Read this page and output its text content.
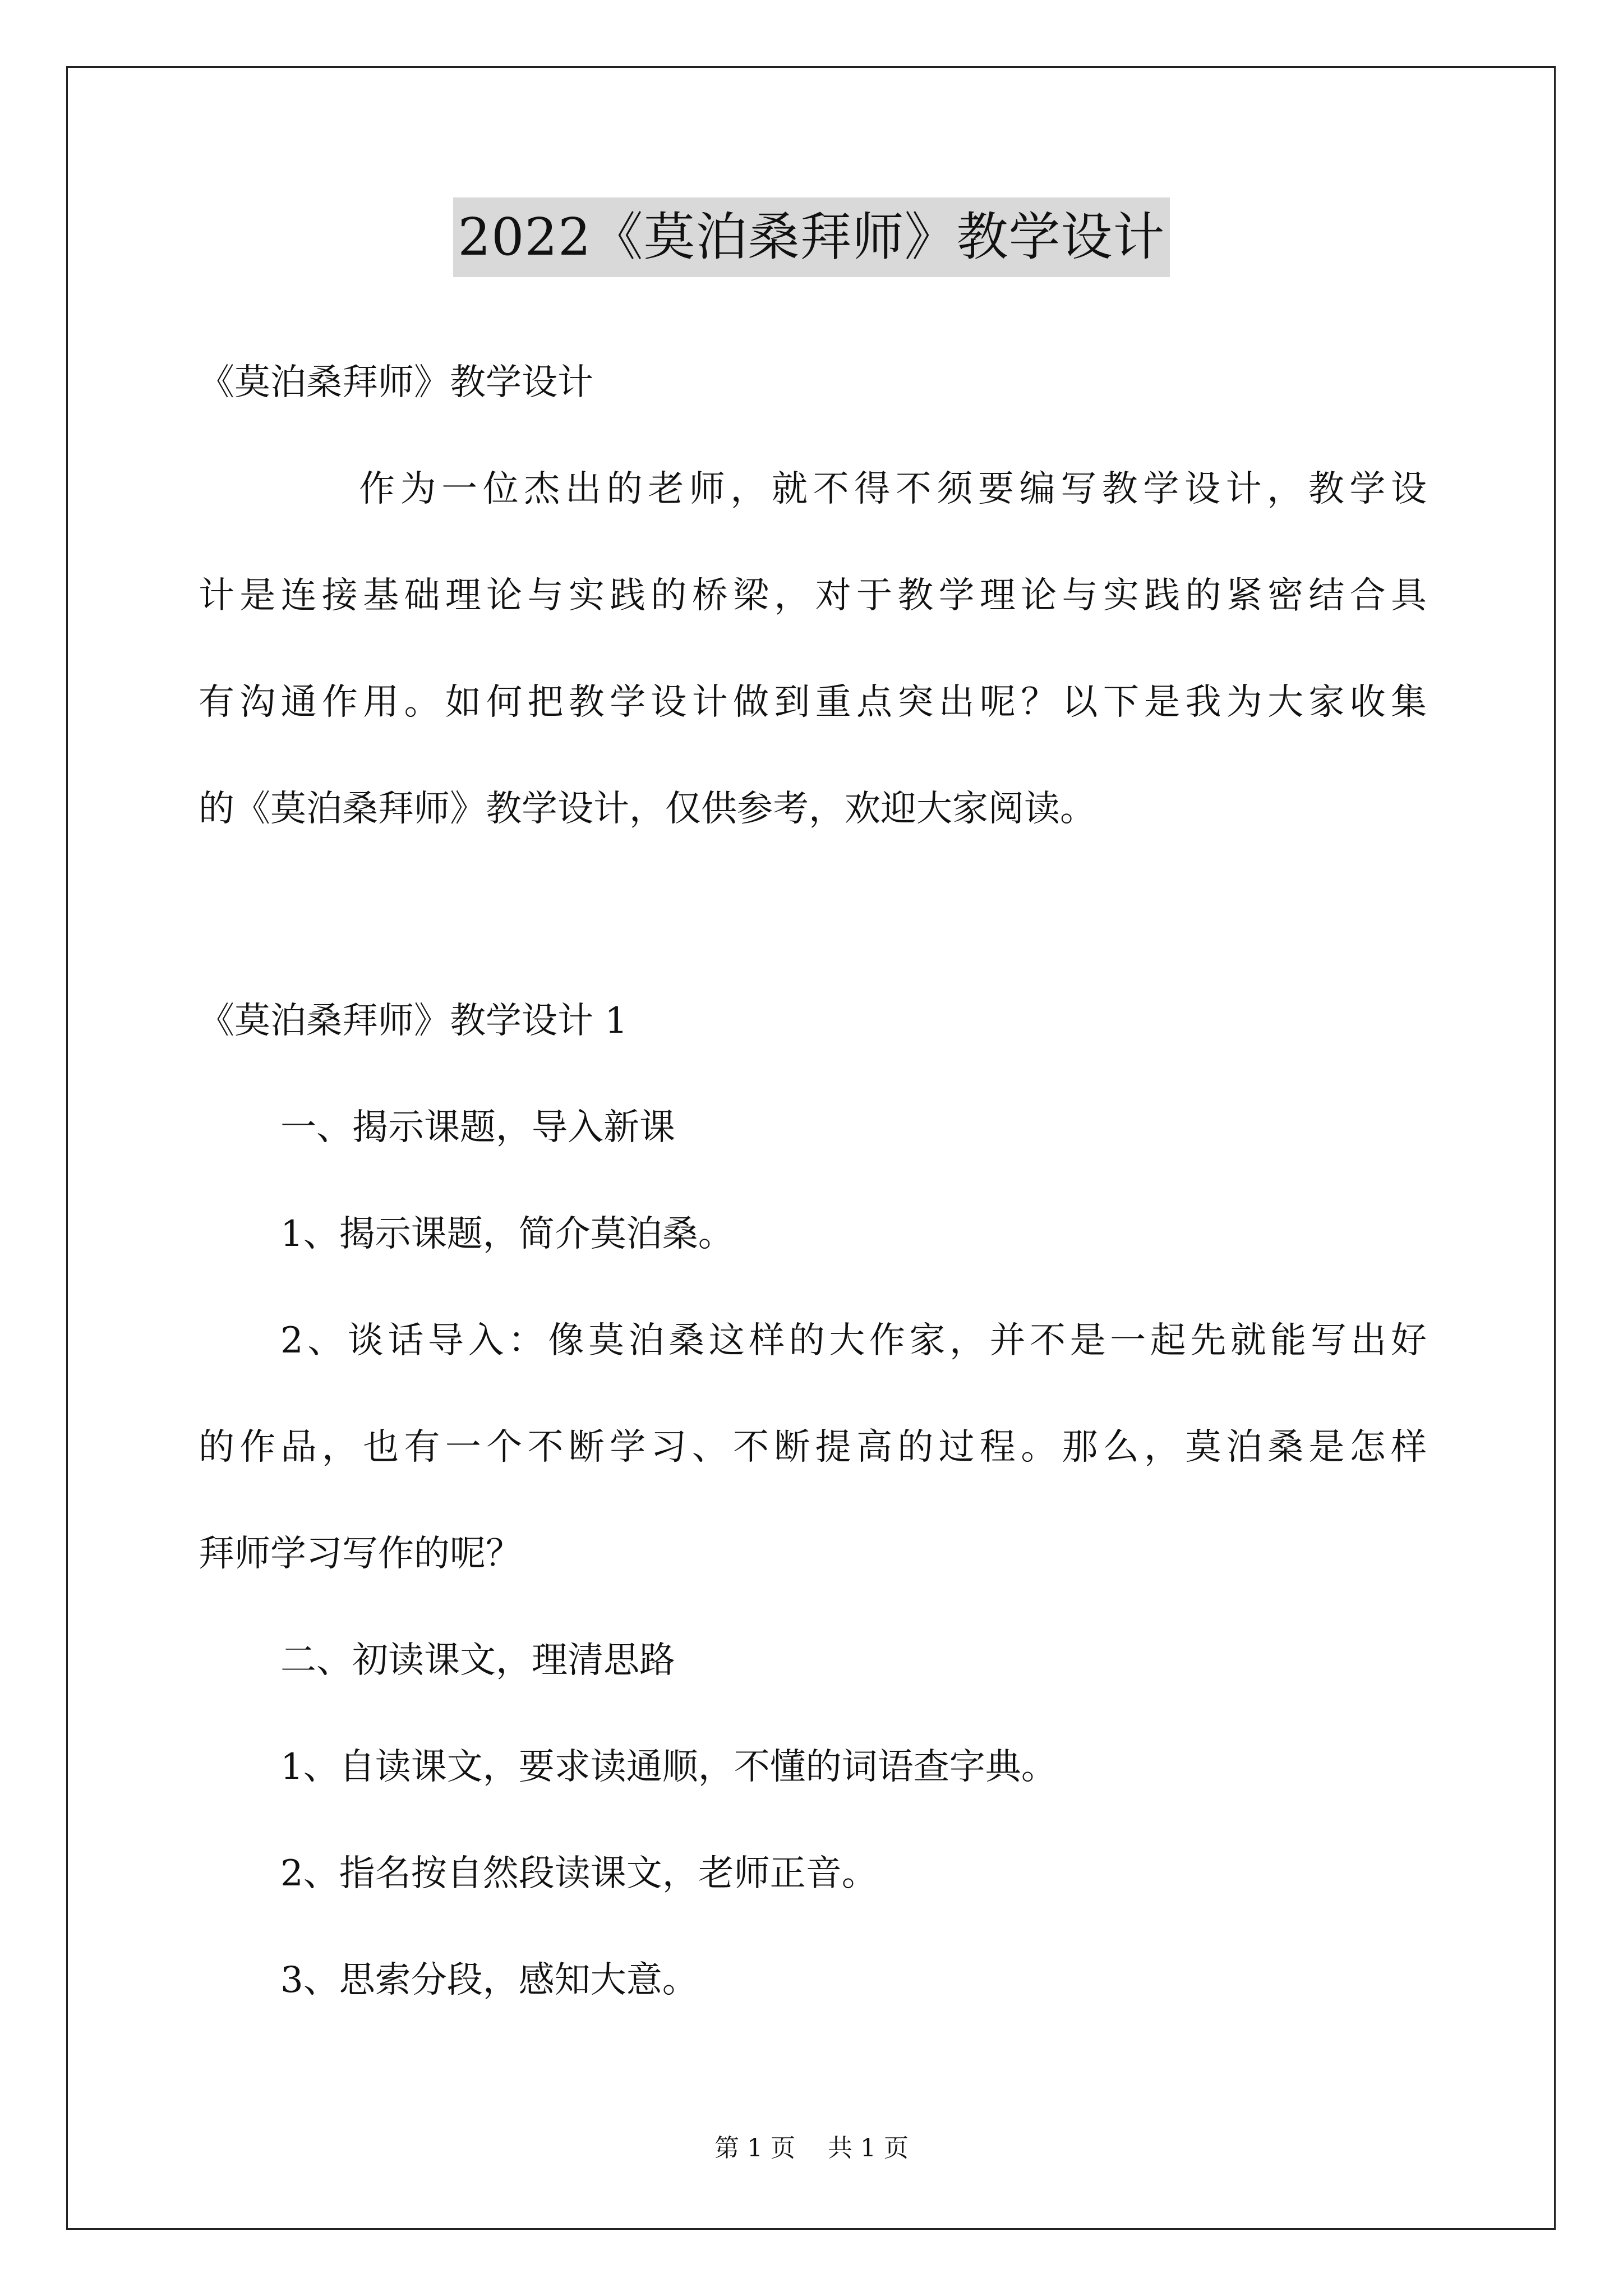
2022《莫泊桑拜师》教学设计
《莫泊桑拜师》教学设计
作为一位杰出的老师，就不得不须要编写教学设计，教学设
计是连接基础理论与实践的桥梁，对于教学理论与实践的紧密结合具
有沟通作用。如何把教学设计做到重点突出呢？以下是我为大家收集
的《莫泊桑拜师》教学设计，仅供参考，欢迎大家阅读。
《莫泊桑拜师》教学设计 1
一、揭示课题，导入新课
1、揭示课题，简介莫泊桑。
2、谈话导入：像莫泊桑这样的大作家，并不是一起先就能写出好
的作品，也有一个不断学习、不断提高的过程。那么，莫泊桑是怎样
拜师学习写作的呢？
二、初读课文，理清思路
1、自读课文，要求读通顺，不懂的词语查字典。
2、指名按自然段读课文，老师正音。
3、思索分段，感知大意。
第 1 页 共 1 页
